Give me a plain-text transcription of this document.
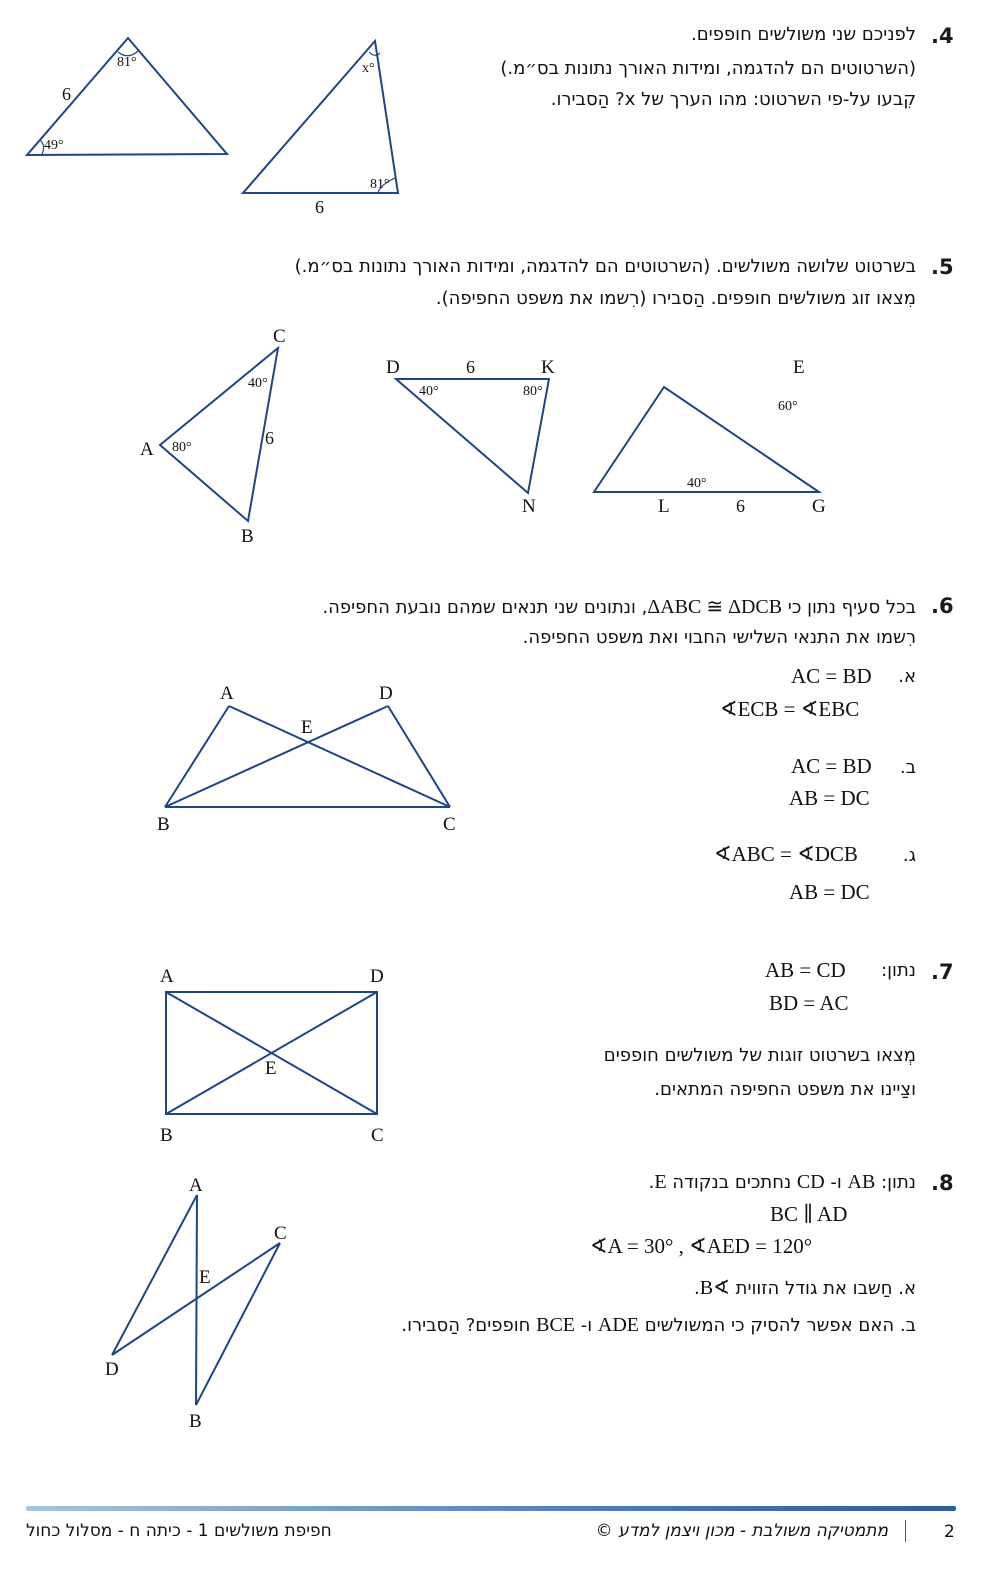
.4
לפניכם שני משולשים חופפים.
(השרטוטים הם להדגמה, ומידות האורך נתונות בס״מ.)
קִבעו על-פי השרטוט: מהו הערך של x? הַסבירו.
81°
49°
6
x°
81°
6
.5
בשרטוט שלושה משולשים. (השרטוטים הם להדגמה, ומידות האורך נתונות בס״מ.)
מִצאו זוג משולשים חופפים. הַסבירו (רִשמו את משפט החפיפה).
C
A
B
40°
80°	6
D	K
N
6
40°	80°
E
L	G
60°
40°
6
.6
בכל סעיף נתון כי ΔABC ≅ ΔDCB, ונתונים שני תנאים שמהם נובעת החפיפה.
רִשמו את התנאי השלישי החבוי ואת משפט החפיפה.
א.
AC = BD
∢ECB = ∢EBC
ב.
AC = BD
AB = DC
ג.
∢ABC = ∢DCB
AB = DC
A	D
E
B	C
.7
נתון:
AB = CD
BD = AC
מְצאו בשרטוט זוגות של משולשים חופפים
וצַיינו את משפט החפיפה המתאים.
A	D
E
B	C
.8
נתון: AB ו- CD נחתכים בנקודה E.
BC ∥ AD
∢A = 30° , ∢AED = 120°
א. חַשבו את גודל הזווית ∢B.
ב. האם אפשר להסיק כי המשולשים ADE ו- BCE חופפים? הַסבירו.
A
C
E
D
B
2
מתמטיקה משולבת - מכון ויצמן למדע ©
חפיפת משולשים 1 - כיתה ח - מסלול כחול
